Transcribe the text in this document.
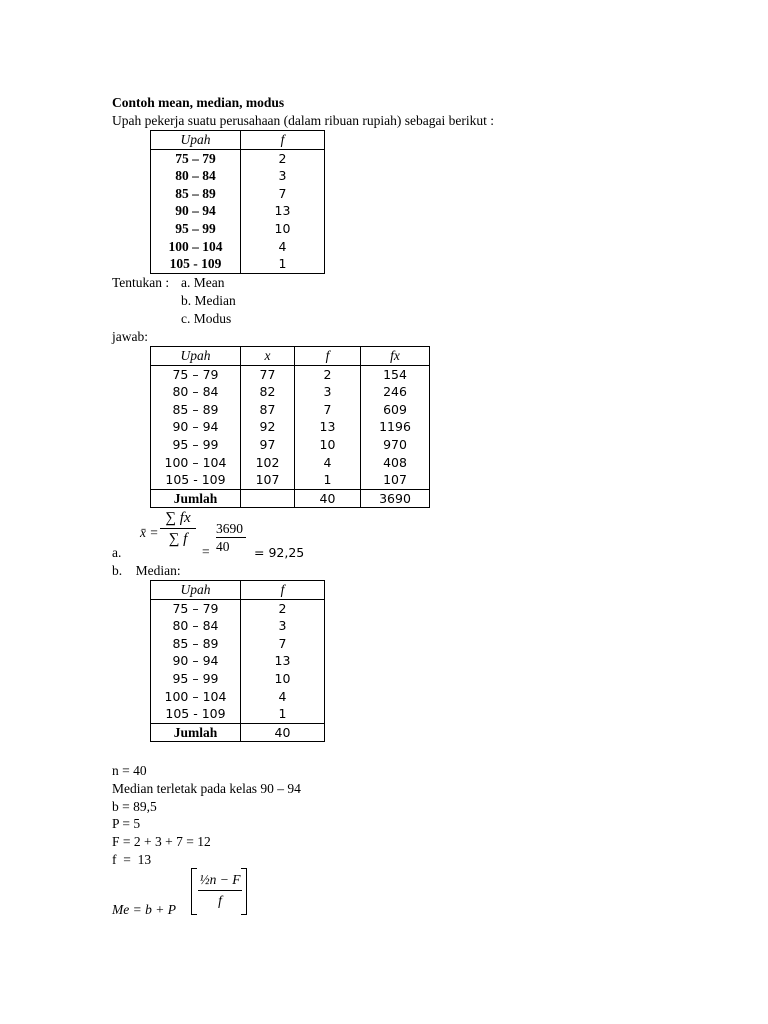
Contoh mean, median, modus
Upah pekerja suatu perusahaan (dalam ribuan rupiah) sebagai berikut :
Upah	f
75 – 79	2
80 – 84	3
85 – 89	7
90 – 94	13
95 – 99	10
100 – 104	4
105 - 109	1
Tentukan : a. Mean
b. Median
c. Modus
jawab:
Upah	x	f	fx
75 – 79	77	2	154
80 – 84	82	3	246
85 – 89	87	7	609
90 – 94	92	13	1196
95 – 99	97	10	970
100 – 104	102	4	408
105 - 109	107	1	107
Jumlah		40	3690
a.
x̄ = $\frac{\sum fx}{\sum f}$
= $\frac{3690}{40} = 92,25$
b.    Median:
Upah	f
75 – 79	2
80 – 84	3
85 – 89	7
90 – 94	13
95 – 99	10
100 – 104	4
105 - 109	1
Jumlah	40
n = 40
Median terletak pada kelas 90 – 94
b = 89,5
P = 5
F = 2 + 3 + 7 = 12
f  =  13
Me = b + P $\frac{\text{½n − F}}{f}$
